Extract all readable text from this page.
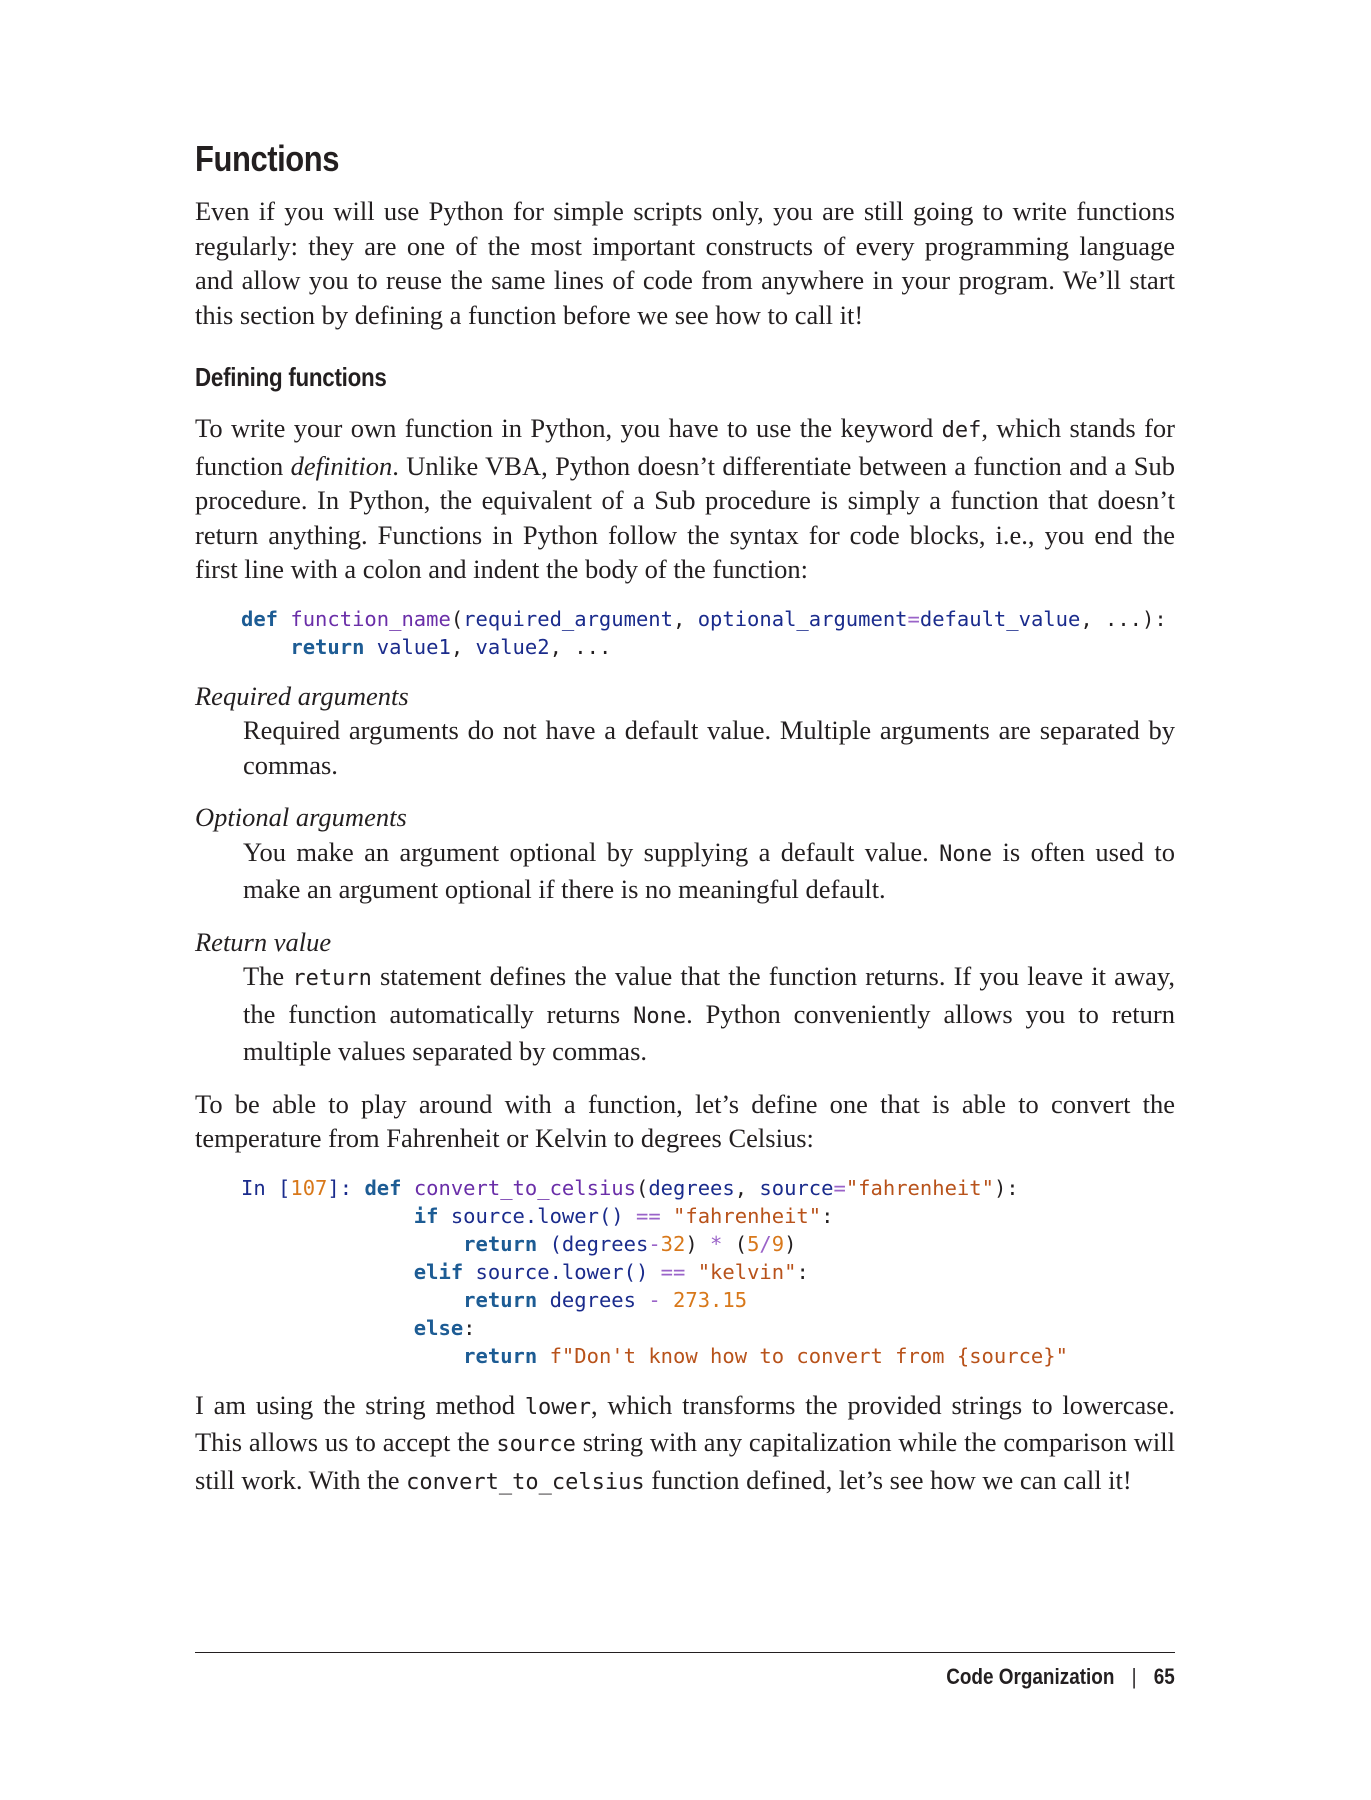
Functions

Even if you will use Python for simple scripts only, you are still going to write functions regularly: they are one of the most important constructs of every programming language and allow you to reuse the same lines of code from anywhere in your program. We’ll start this section by defining a function before we see how to call it!

Defining functions

To write your own function in Python, you have to use the keyword def, which stands for function definition. Unlike VBA, Python doesn’t differentiate between a function and a Sub procedure. In Python, the equivalent of a Sub procedure is simply a function that doesn’t return anything. Functions in Python follow the syntax for code blocks, i.e., you end the first line with a colon and indent the body of the function:

def function_name(required_argument, optional_argument=default_value, ...):
return value1, value2, ...
Required arguments
Required arguments do not have a default value. Multiple arguments are separated by commas.
Optional arguments
You make an argument optional by supplying a default value. None is often used to make an argument optional if there is no meaningful default.
Return value
The return statement defines the value that the function returns. If you leave it away, the function automatically returns None. Python conveniently allows you to return multiple values separated by commas.

To be able to play around with a function, let’s define one that is able to convert the temperature from Fahrenheit or Kelvin to degrees Celsius:

In [107]: def convert_to_celsius(degrees, source="fahrenheit"):
if source.lower() == "fahrenheit":
return (degrees-32) * (5/9)
elif source.lower() == "kelvin":
return degrees - 273.15
else:
return f"Don't know how to convert from {source}"

I am using the string method lower, which transforms the provided strings to lowercase. This allows us to accept the source string with any capitalization while the comparison will still work. With the convert_to_celsius function defined, let’s see how we can call it!

Code Organization | 65
